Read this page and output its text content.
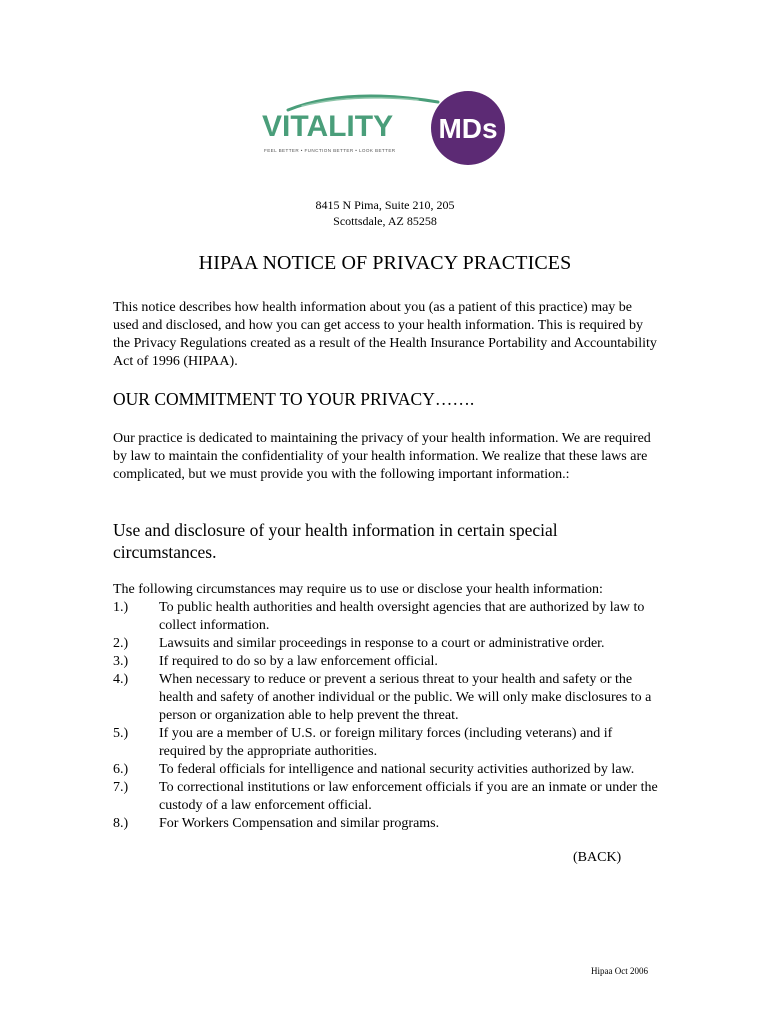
VITALITY MDs
FEEL BETTER • FUNCTION BETTER • LOOK BETTER
8415 N Pima, Suite 210, 205
Scottsdale, AZ 85258
HIPAA NOTICE OF PRIVACY PRACTICES

This notice describes how health information about you (as a patient of this practice) may be used and disclosed, and how you can get access to your health information. This is required by the Privacy Regulations created as a result of the Health Insurance Portability and Accountability Act of 1996 (HIPAA).

OUR COMMITMENT TO YOUR PRIVACY…….

Our practice is dedicated to maintaining the privacy of your health information. We are required by law to maintain the confidentiality of your health information. We realize that these laws are complicated, but we must provide you with the following important information.:

Use and disclosure of your health information in certain special circumstances.

The following circumstances may require us to use or disclose your health information:

1.)	To public health authorities and health oversight agencies that are authorized by law to collect information.
2.)	Lawsuits and similar proceedings in response to a court or administrative order.
3.)	If required to do so by a law enforcement official.
4.)	When necessary to reduce or prevent a serious threat to your health and safety or the health and safety of another individual or the public. We will only make disclosures to a person or organization able to help prevent the threat.
5.)	If you are a member of U.S. or foreign military forces (including veterans) and if required by the appropriate authorities.
6.)	To federal officials for intelligence and national security activities authorized by law.
7.)	To correctional institutions or law enforcement officials if you are an inmate or under the custody of a law enforcement official.
8.)	For Workers Compensation and similar programs.
(BACK)
Hipaa Oct 2006
